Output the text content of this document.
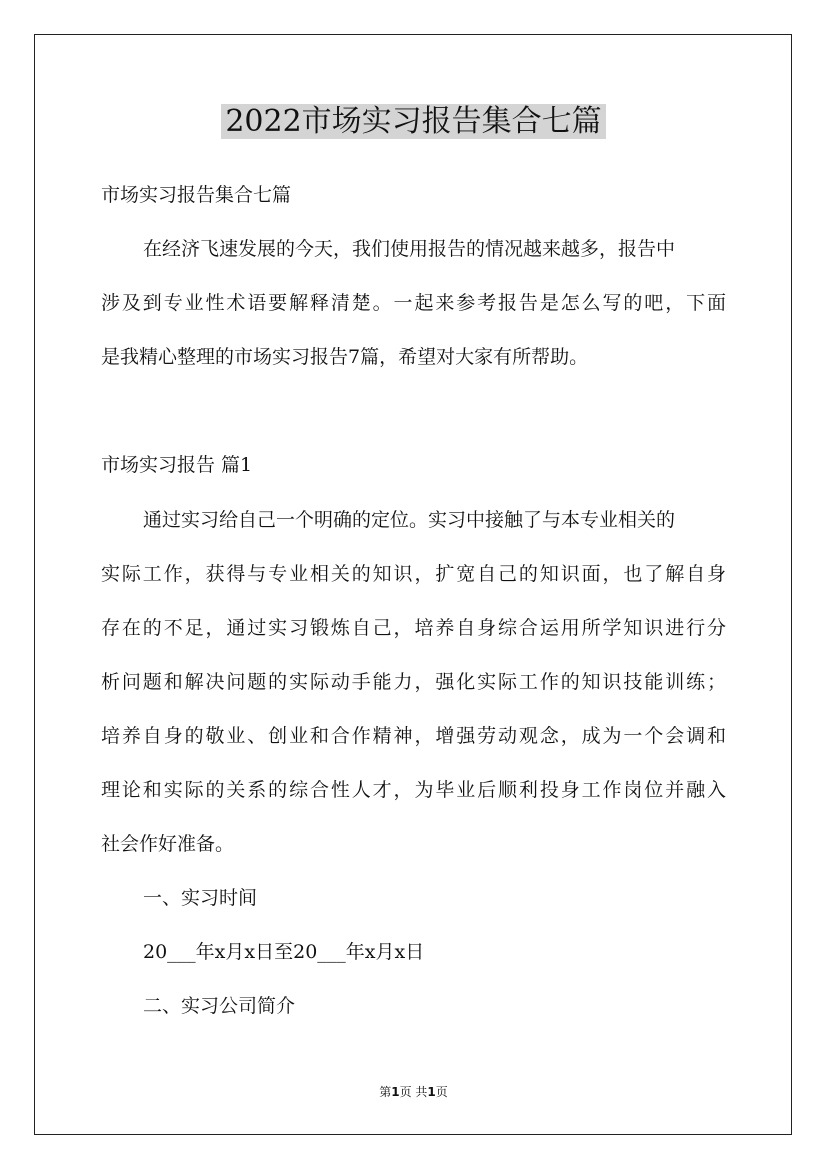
2022市场实习报告集合七篇
市场实习报告集合七篇
在经济飞速发展的今天，我们使用报告的情况越来越多，报告中
涉及到专业性术语要解释清楚。一起来参考报告是怎么写的吧，下面
是我精心整理的市场实习报告7篇，希望对大家有所帮助。
市场实习报告 篇1
通过实习给自己一个明确的定位。实习中接触了与本专业相关的
实际工作，获得与专业相关的知识，扩宽自己的知识面，也了解自身
存在的不足，通过实习锻炼自己，培养自身综合运用所学知识进行分
析问题和解决问题的实际动手能力，强化实际工作的知识技能训练；
培养自身的敬业、创业和合作精神，增强劳动观念，成为一个会调和
理论和实际的关系的综合性人才，为毕业后顺利投身工作岗位并融入
社会作好准备。
一、实习时间
20___年x月x日至20___年x月x日
二、实习公司简介
第1页 共1页
